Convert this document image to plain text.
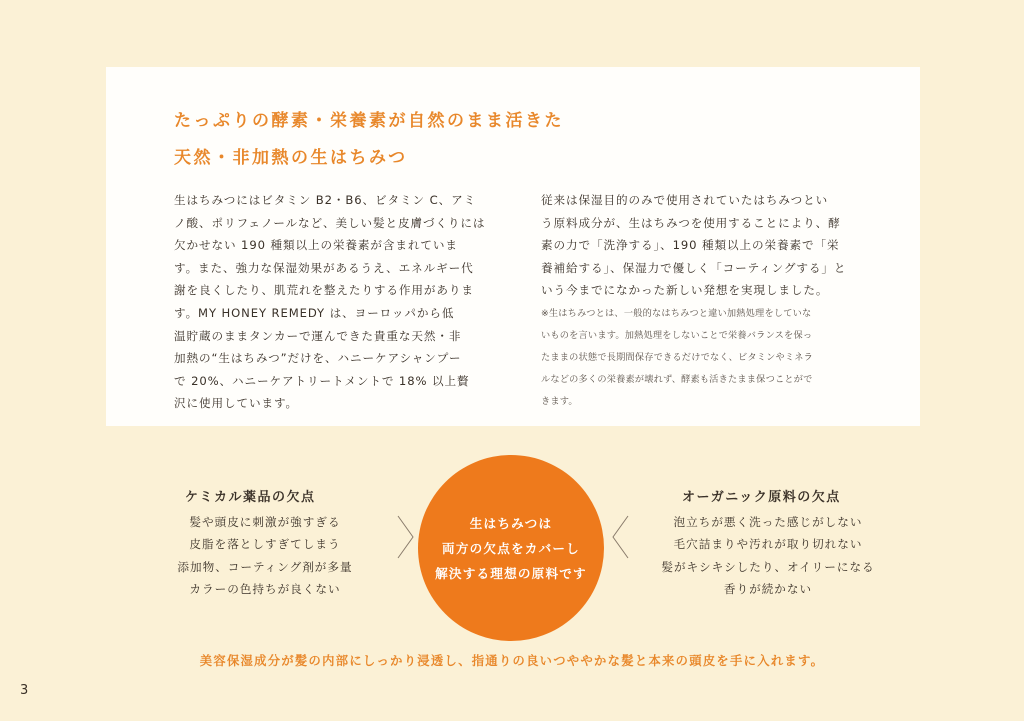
たっぷりの酵素・栄養素が自然のまま活きた
天然・非加熱の生はちみつ

生はちみつにはビタミン B2・B6、ビタミン C、アミ

ノ酸、ポリフェノールなど、美しい髪と皮膚づくりには

欠かせない 190 種類以上の栄養素が含まれていま

す。また、強力な保湿効果があるうえ、エネルギー代

謝を良くしたり、肌荒れを整えたりする作用がありま

す。MY HONEY REMEDY は、ヨーロッパから低

温貯蔵のままタンカーで運んできた貴重な天然・非

加熱の“生はちみつ”だけを、ハニーケアシャンプー

で 20%、ハニーケアトリートメントで 18% 以上贅

沢に使用しています。

従来は保湿目的のみで使用されていたはちみつとい

う原料成分が、生はちみつを使用することにより、酵

素の力で「洗浄する」、190 種類以上の栄養素で「栄

養補給する」、保湿力で優しく「コーティングする」と

いう今までになかった新しい発想を実現しました。

※生はちみつとは、一般的なはちみつと違い加熱処理をしていな

いものを言います。加熱処理をしないことで栄養バランスを保っ

たままの状態で長期間保存できるだけでなく、ビタミンやミネラ

ルなどの多くの栄養素が壊れず、酵素も活きたまま保つことがで

きます。

ケミカル薬品の欠点
髪や頭皮に刺激が強すぎる
皮脂を落としすぎてしまう
添加物、コーティング剤が多量
カラーの色持ちが良くない
生はちみつは
両方の欠点をカバーし
解決する理想の原料です
オーガニック原料の欠点
泡立ちが悪く洗った感じがしない
毛穴詰まりや汚れが取り切れない
髪がキシキシしたり、オイリーになる
香りが続かない
美容保湿成分が髪の内部にしっかり浸透し、指通りの良いつややかな髪と本来の頭皮を手に入れます。
3
